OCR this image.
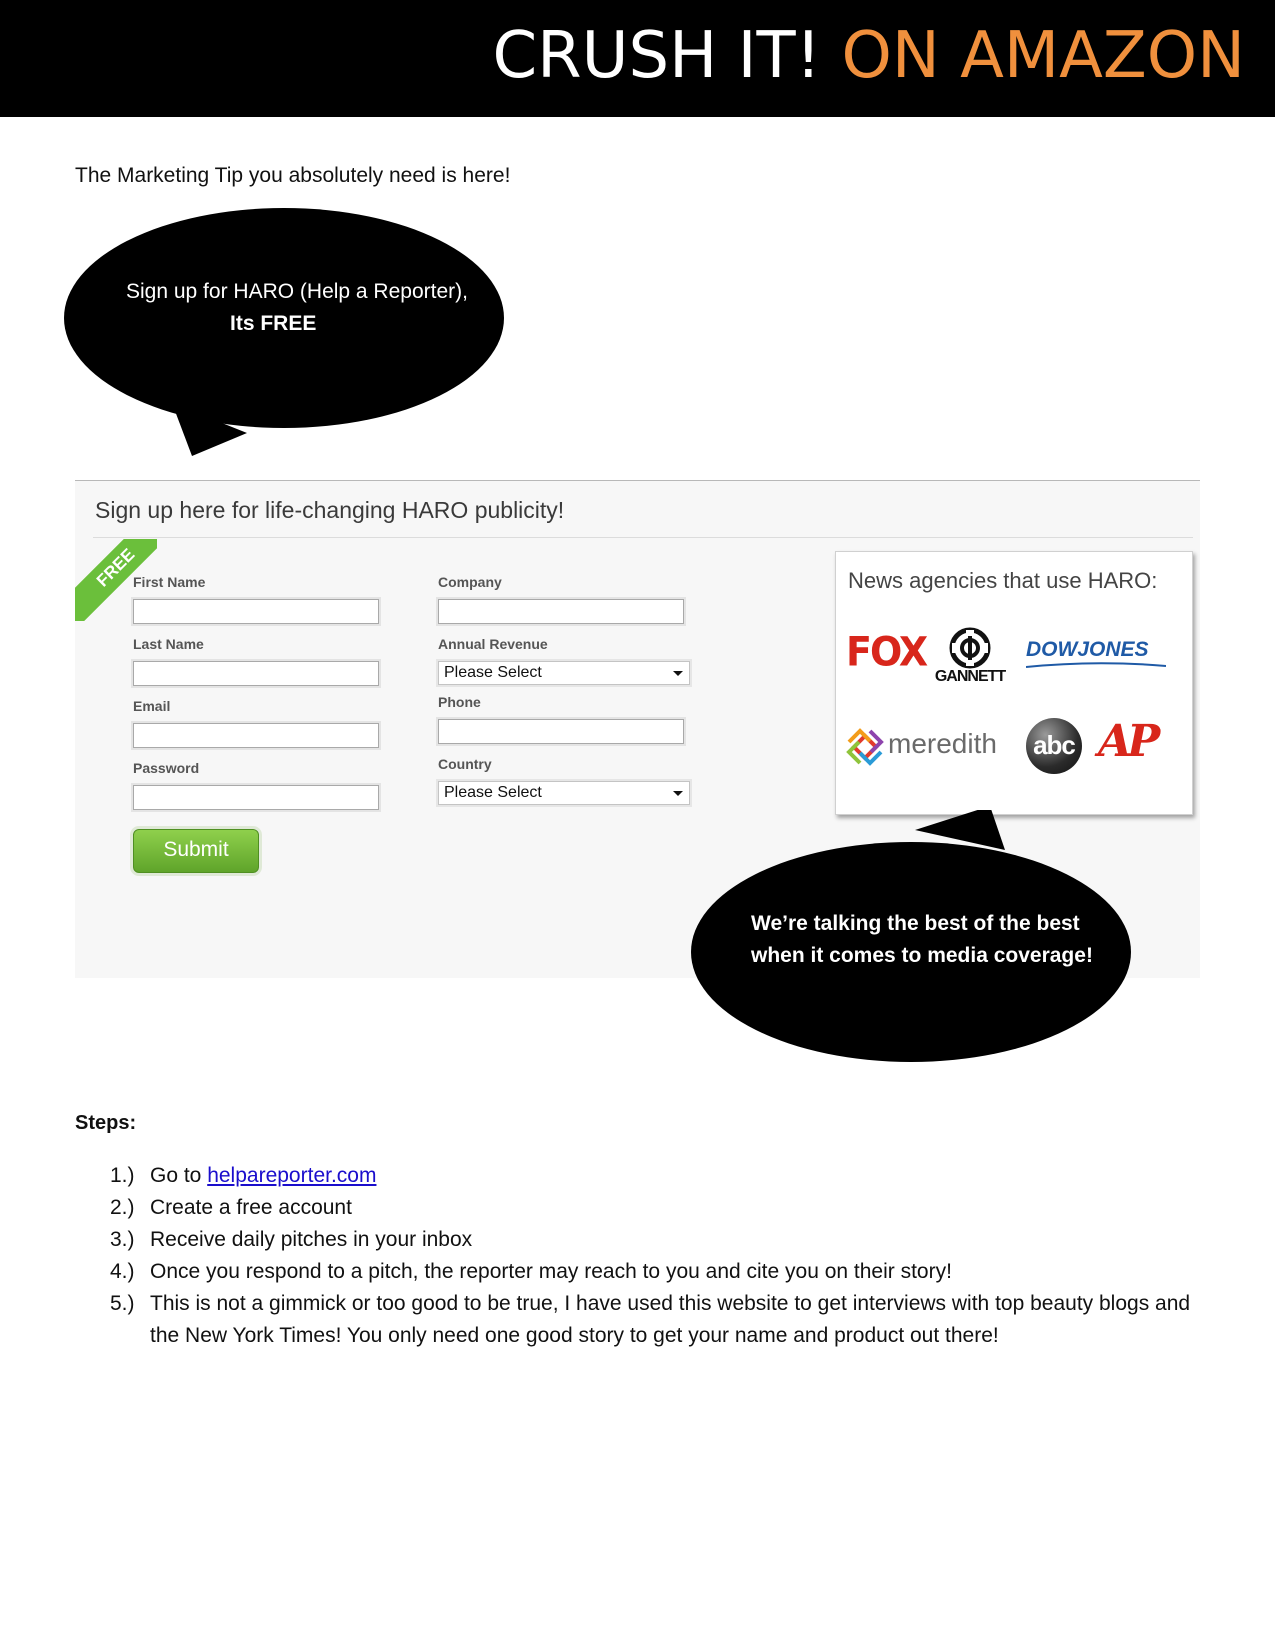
CRUSH IT! ON AMAZON
The Marketing Tip you absolutely need is here!
Sign up for HARO (Help a Reporter),
Its FREE
Sign up here for life-changing HARO publicity!
FREE
First Name
Last Name
Email
Password
Company
Annual Revenue
Please Select
Phone
Country
Please Select
Submit
News agencies that use HARO:
FOX
GANNETT
DOWJONES
meredith abc AP
We’re talking the best of the best
when it comes to media coverage!
Steps:
1.) Go to helpareporter.com
2.) Create a free account
3.) Receive daily pitches in your inbox
4.) Once you respond to a pitch, the reporter may reach to you and cite you on their story!
5.) This is not a gimmick or too good to be true, I have used this website to get interviews with top beauty blogs and the New York Times! You only need one good story to get your name and product out there!
